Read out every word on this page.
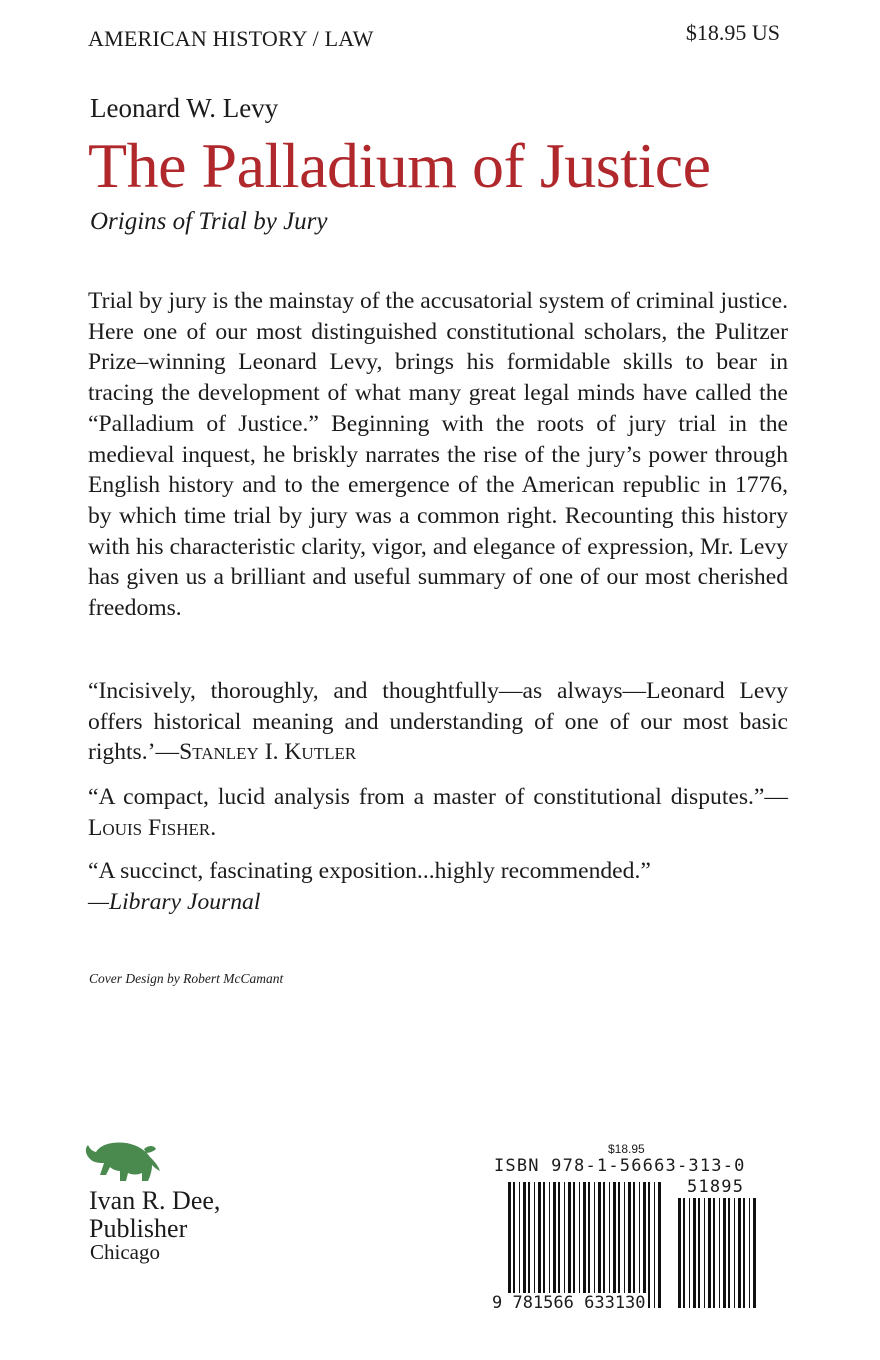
AMERICAN HISTORY / LAW	$18.95 US
Leonard W. Levy
The Palladium of Justice
Origins of Trial by Jury

Trial by jury is the mainstay of the accusatorial system of criminal justice. Here one of our most distinguished constitutional scholars, the Pulitzer Prize–winning Leonard Levy, brings his formidable skills to bear in tracing the development of what many great legal minds have called the “Palladium of Justice.” Beginning with the roots of jury trial in the medieval inquest, he briskly narrates the rise of the jury’s power through English history and to the emergence of the American republic in 1776, by which time trial by jury was a common right. Recounting this history with his characteristic clarity, vigor, and elegance of expression, Mr. Levy has given us a brilliant and useful summary of one of our most cherished freedoms.

“Incisively, thoroughly, and thoughtfully—as always—Leonard Levy offers historical meaning and understanding of one of our most basic rights.’—Stanley I. Kutler

“A compact, lucid analysis from a master of constitutional disputes.”—Louis Fisher.

“A succinct, fascinating exposition...highly recommended.”
—Library Journal

Cover Design by Robert McCamant
Ivan R. Dee,
Publisher
Chicago
$18.95
ISBN 978-1-56663-313-0
51895
9 781566 633130
